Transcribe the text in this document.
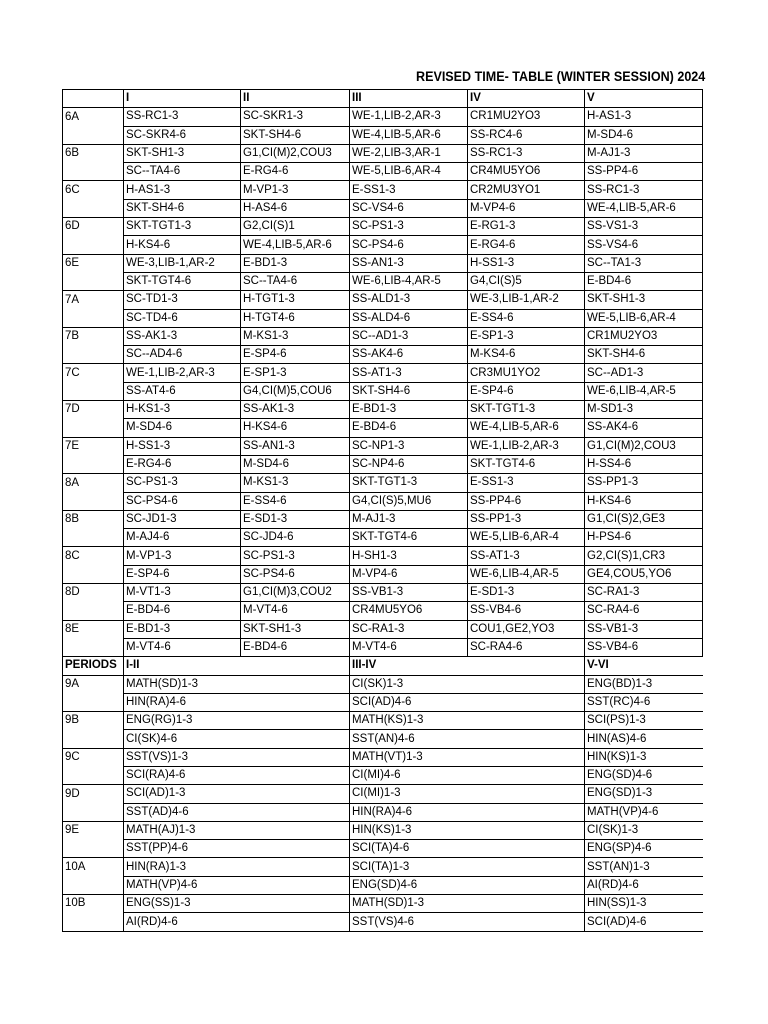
REVISED TIME- TABLE (WINTER SESSION) 2024
	I	II	III	IV	V
6A	SS-RC1-3	SC-SKR1-3	WE-1,LIB-2,AR-3	CR1MU2YO3	H-AS1-3
	SC-SKR4-6	SKT-SH4-6	WE-4,LIB-5,AR-6	SS-RC4-6	M-SD4-6
6B	SKT-SH1-3	G1,CI(M)2,COU3	WE-2,LIB-3,AR-1	SS-RC1-3	M-AJ1-3
	SC--TA4-6	E-RG4-6	WE-5,LIB-6,AR-4	CR4MU5YO6	SS-PP4-6
6C	H-AS1-3	M-VP1-3	E-SS1-3	CR2MU3YO1	SS-RC1-3
	SKT-SH4-6	H-AS4-6	SC-VS4-6	M-VP4-6	WE-4,LIB-5,AR-6
6D	SKT-TGT1-3	G2,CI(S)1	SC-PS1-3	E-RG1-3	SS-VS1-3
	H-KS4-6	WE-4,LIB-5,AR-6	SC-PS4-6	E-RG4-6	SS-VS4-6
6E	WE-3,LIB-1,AR-2	E-BD1-3	SS-AN1-3	H-SS1-3	SC--TA1-3
	SKT-TGT4-6	SC--TA4-6	WE-6,LIB-4,AR-5	G4,CI(S)5	E-BD4-6
7A	SC-TD1-3	H-TGT1-3	SS-ALD1-3	WE-3,LIB-1,AR-2	SKT-SH1-3
	SC-TD4-6	H-TGT4-6	SS-ALD4-6	E-SS4-6	WE-5,LIB-6,AR-4
7B	SS-AK1-3	M-KS1-3	SC--AD1-3	E-SP1-3	CR1MU2YO3
	SC--AD4-6	E-SP4-6	SS-AK4-6	M-KS4-6	SKT-SH4-6
7C	WE-1,LIB-2,AR-3	E-SP1-3	SS-AT1-3	CR3MU1YO2	SC--AD1-3
	SS-AT4-6	G4,CI(M)5,COU6	SKT-SH4-6	E-SP4-6	WE-6,LIB-4,AR-5
7D	H-KS1-3	SS-AK1-3	E-BD1-3	SKT-TGT1-3	M-SD1-3
	M-SD4-6	H-KS4-6	E-BD4-6	WE-4,LIB-5,AR-6	SS-AK4-6
7E	H-SS1-3	SS-AN1-3	SC-NP1-3	WE-1,LIB-2,AR-3	G1,CI(M)2,COU3
	E-RG4-6	M-SD4-6	SC-NP4-6	SKT-TGT4-6	H-SS4-6
8A	SC-PS1-3	M-KS1-3	SKT-TGT1-3	E-SS1-3	SS-PP1-3
	SC-PS4-6	E-SS4-6	G4,CI(S)5,MU6	SS-PP4-6	H-KS4-6
8B	SC-JD1-3	E-SD1-3	M-AJ1-3	SS-PP1-3	G1,CI(S)2,GE3
	M-AJ4-6	SC-JD4-6	SKT-TGT4-6	WE-5,LIB-6,AR-4	H-PS4-6
8C	M-VP1-3	SC-PS1-3	H-SH1-3	SS-AT1-3	G2,CI(S)1,CR3
	E-SP4-6	SC-PS4-6	M-VP4-6	WE-6,LIB-4,AR-5	GE4,COU5,YO6
8D	M-VT1-3	G1,CI(M)3,COU2	SS-VB1-3	E-SD1-3	SC-RA1-3
	E-BD4-6	M-VT4-6	CR4MU5YO6	SS-VB4-6	SC-RA4-6
8E	E-BD1-3	SKT-SH1-3	SC-RA1-3	COU1,GE2,YO3	SS-VB1-3
	M-VT4-6	E-BD4-6	M-VT4-6	SC-RA4-6	SS-VB4-6
PERIODS	I-II		III-IV		V-VI
9A	MATH(SD)1-3		CI(SK)1-3		ENG(BD)1-3
	HIN(RA)4-6		SCI(AD)4-6		SST(RC)4-6
9B	ENG(RG)1-3		MATH(KS)1-3		SCI(PS)1-3
	CI(SK)4-6		SST(AN)4-6		HIN(AS)4-6
9C	SST(VS)1-3		MATH(VT)1-3		HIN(KS)1-3
	SCI(RA)4-6		CI(MI)4-6		ENG(SD)4-6
9D	SCI(AD)1-3		CI(MI)1-3		ENG(SD)1-3
	SST(AD)4-6		HIN(RA)4-6		MATH(VP)4-6
9E	MATH(AJ)1-3		HIN(KS)1-3		CI(SK)1-3
	SST(PP)4-6		SCI(TA)4-6		ENG(SP)4-6
10A	HIN(RA)1-3		SCI(TA)1-3		SST(AN)1-3
	MATH(VP)4-6		ENG(SD)4-6		AI(RD)4-6
10B	ENG(SS)1-3		MATH(SD)1-3		HIN(SS)1-3
	AI(RD)4-6		SST(VS)4-6		SCI(AD)4-6
